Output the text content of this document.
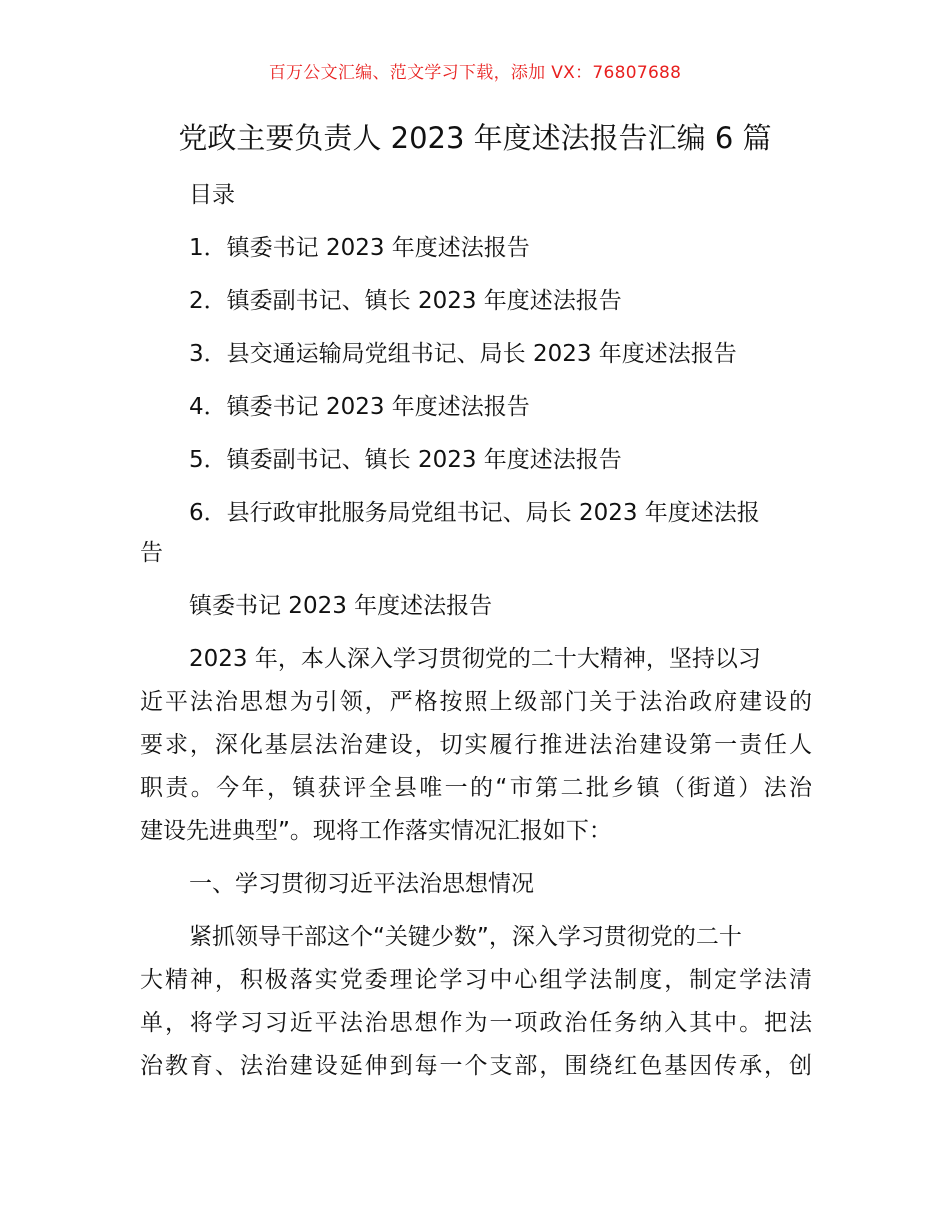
百万公文汇编、范文学习下载，添加 VX：76807688
党政主要负责人 2023 年度述法报告汇编 6 篇
目录
1．镇委书记 2023 年度述法报告
2．镇委副书记、镇长 2023 年度述法报告
3．县交通运输局党组书记、局长 2023 年度述法报告
4．镇委书记 2023 年度述法报告
5．镇委副书记、镇长 2023 年度述法报告
6．县行政审批服务局党组书记、局长 2023 年度述法报
告
镇委书记 2023 年度述法报告
2023 年，本人深入学习贯彻党的二十大精神，坚持以习
近平法治思想为引领，严格按照上级部门关于法治政府建设的
要求，深化基层法治建设，切实履行推进法治建设第一责任人
职责。今年，镇获评全县唯一的“市第二批乡镇（街道）法治
建设先进典型”。现将工作落实情况汇报如下：
一、学习贯彻习近平法治思想情况
紧抓领导干部这个“关键少数”，深入学习贯彻党的二十
大精神，积极落实党委理论学习中心组学法制度，制定学法清
单，将学习习近平法治思想作为一项政治任务纳入其中。把法
治教育、法治建设延伸到每一个支部，围绕红色基因传承，创
